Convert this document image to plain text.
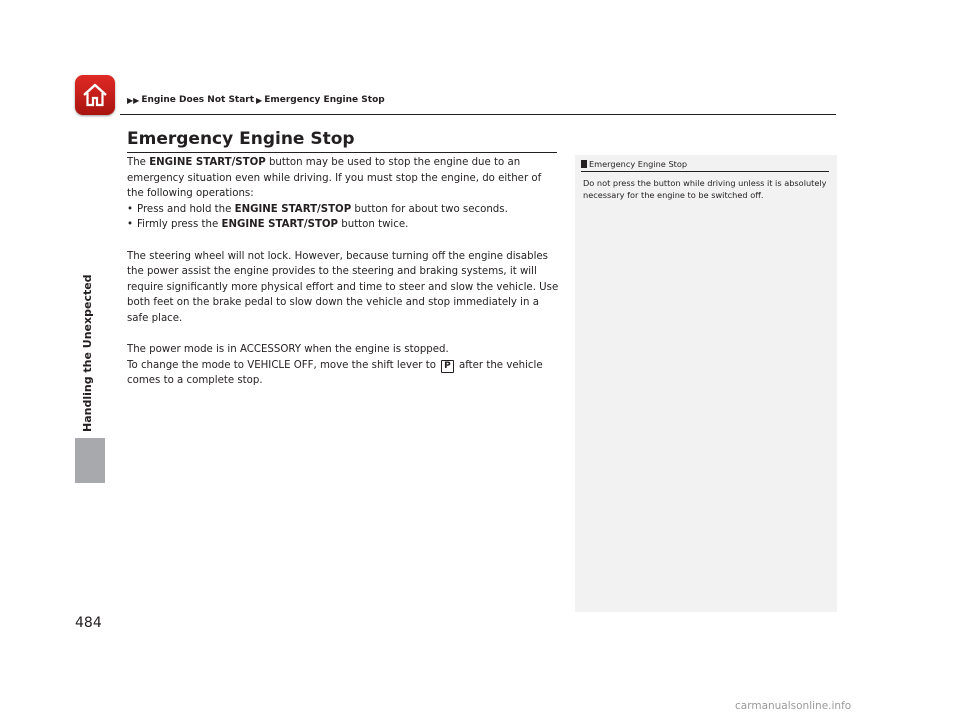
Handling the Unexpected
▶▶ Engine Does Not Start ▶ Emergency Engine Stop
Emergency Engine Stop

The ENGINE START/STOP button may be used to stop the engine due to an emergency situation even while driving. If you must stop the engine, do either of the following operations:

• Press and hold the ENGINE START/STOP button for about two seconds.
• Firmly press the ENGINE START/STOP button twice.

The steering wheel will not lock. However, because turning off the engine disables the power assist the engine provides to the steering and braking systems, it will require significantly more physical effort and time to steer and slow the vehicle. Use both feet on the brake pedal to slow down the vehicle and stop immediately in a safe place.

The power mode is in ACCESSORY when the engine is stopped.

To change the mode to VEHICLE OFF, move the shift lever to P after the vehicle comes to a complete stop.

Emergency Engine Stop
Do not press the button while driving unless it is absolutely necessary for the engine to be switched off.
484
carmanualsonline.info
